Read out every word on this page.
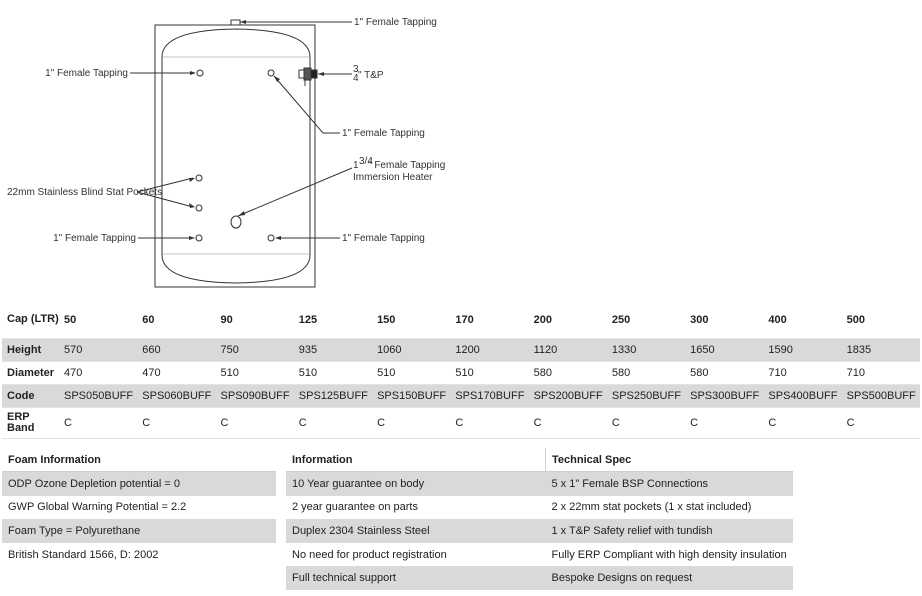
1" Female Tapping
1" Female Tapping	3
4 " T&P
1" Female Tapping
1 3/4
" Female Tapping
Immersion Heater
22mm Stainless Blind Stat Pockets
1" Female Tapping	1" Female Tapping
Cap (LTR)	50	60	90	125	150	170	200	250	300	400	500
Height	570	660	750	935	1060	1200	1120	1330	1650	1590	1835
Diameter	470	470	510	510	510	510	580	580	580	710	710
Code	SPS050BUFF	SPS060BUFF	SPS090BUFF	SPS125BUFF	SPS150BUFF	SPS170BUFF	SPS200BUFF	SPS250BUFF	SPS300BUFF	SPS400BUFF	SPS500BUFF
ERP Band	C	C	C	C	C	C	C	C	C	C	C
Foam Information
ODP Ozone Depletion potential = 0
GWP Global Warning Potential = 2.2
Foam Type = Polyurethane
British Standard 1566, D: 2002
Information	Technical Spec
10 Year guarantee on body	5 x 1" Female BSP Connections
2 year guarantee on parts	2 x 22mm stat pockets (1 x stat included)
Duplex 2304 Stainless Steel	1 x T&P Safety relief with tundish
No need for product registration	Fully ERP Compliant with high density insulation
Full technical support	Bespoke Designs on request
